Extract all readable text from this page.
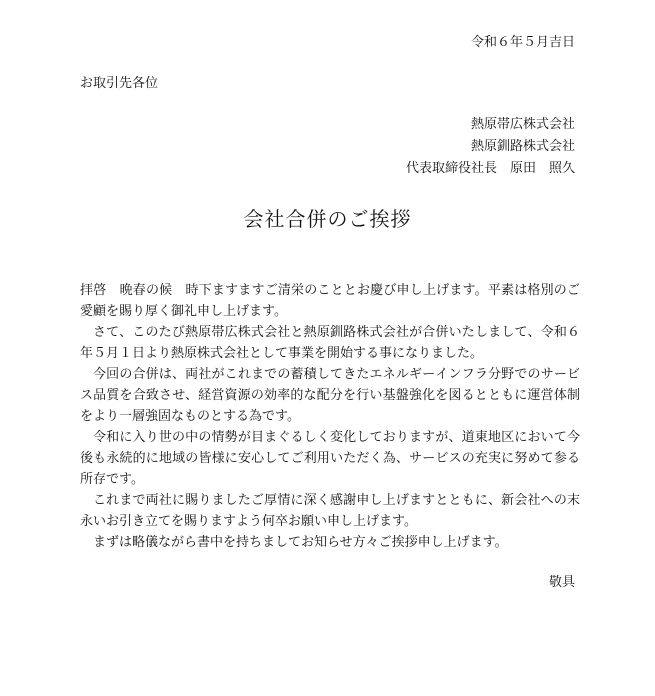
令和６年５月吉日
お取引先各位
熱原帯広株式会社
熱原釧路株式会社
代表取締役社長　原田　照久
会社合併のご挨拶

拝啓　晩春の候　時下ますますご清栄のこととお慶び申し上げます。平素は格別のご愛顧を賜り厚く御礼申し上げます。

さて、このたび熱原帯広株式会社と熱原釧路株式会社が合併いたしまして、令和６年５月１日より熱原株式会社として事業を開始する事になりました。

今回の合併は、両社がこれまでの蓄積してきたエネルギーインフラ分野でのサービス品質を合致させ、経営資源の効率的な配分を行い基盤強化を図るとともに運営体制をより一層強固なものとする為です。

令和に入り世の中の情勢が目まぐるしく変化しておりますが、道東地区において今後も永続的に地域の皆様に安心してご利用いただく為、サービスの充実に努めて参る所存です。

これまで両社に賜りましたご厚情に深く感謝申し上げますとともに、新会社への末永いお引き立てを賜りますよう何卒お願い申し上げます。

まずは略儀ながら書中を持ちましてお知らせ方々ご挨拶申し上げます。

敬具
